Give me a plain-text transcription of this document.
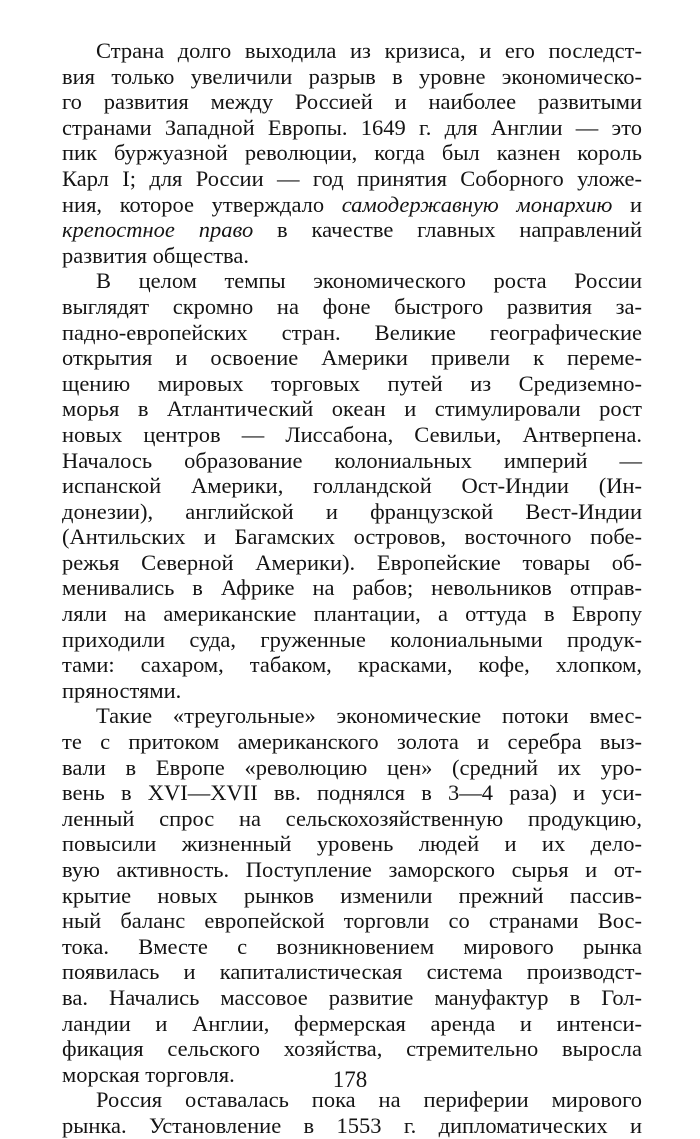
Страна долго выходила из кризиса, и его последст-
вия только увеличили разрыв в уровне экономическо-
го развития между Россией и наиболее развитыми
странами Западной Европы. 1649 г. для Англии — это
пик буржуазной революции, когда был казнен король
Карл I; для России — год принятия Соборного уложе-
ния, которое утверждало самодержавную монархию и
крепостное право в качестве главных направлений
развития общества.
В целом темпы экономического роста России
выглядят скромно на фоне быстрого развития за-
падно-европейских стран. Великие географические
открытия и освоение Америки привели к переме-
щению мировых торговых путей из Средиземно-
морья в Атлантический океан и стимулировали рост
новых центров — Лиссабона, Севильи, Антверпена.
Началось образование колониальных империй —
испанской Америки, голландской Ост-Индии (Ин-
донезии), английской и французской Вест-Индии
(Антильских и Багамских островов, восточного побе-
режья Северной Америки). Европейские товары об-
менивались в Африке на рабов; невольников отправ-
ляли на американские плантации, а оттуда в Европу
приходили суда, груженные колониальными продук-
тами: сахаром, табаком, красками, кофе, хлопком,
пряностями.
Такие «треугольные» экономические потоки вмес-
те с притоком американского золота и серебра выз-
вали в Европе «революцию цен» (средний их уро-
вень в XVI—XVII вв. поднялся в 3—4 раза) и уси-
ленный спрос на сельскохозяйственную продукцию,
повысили жизненный уровень людей и их дело-
вую активность. Поступление заморского сырья и от-
крытие новых рынков изменили прежний пассив-
ный баланс европейской торговли со странами Вос-
тока. Вместе с возникновением мирового рынка
появилась и капиталистическая система производст-
ва. Начались массовое развитие мануфактур в Гол-
ландии и Англии, фермерская аренда и интенси-
фикация сельского хозяйства, стремительно выросла
морская торговля.
Россия оставалась пока на периферии мирового
рынка. Установление в 1553 г. дипломатических и
178
